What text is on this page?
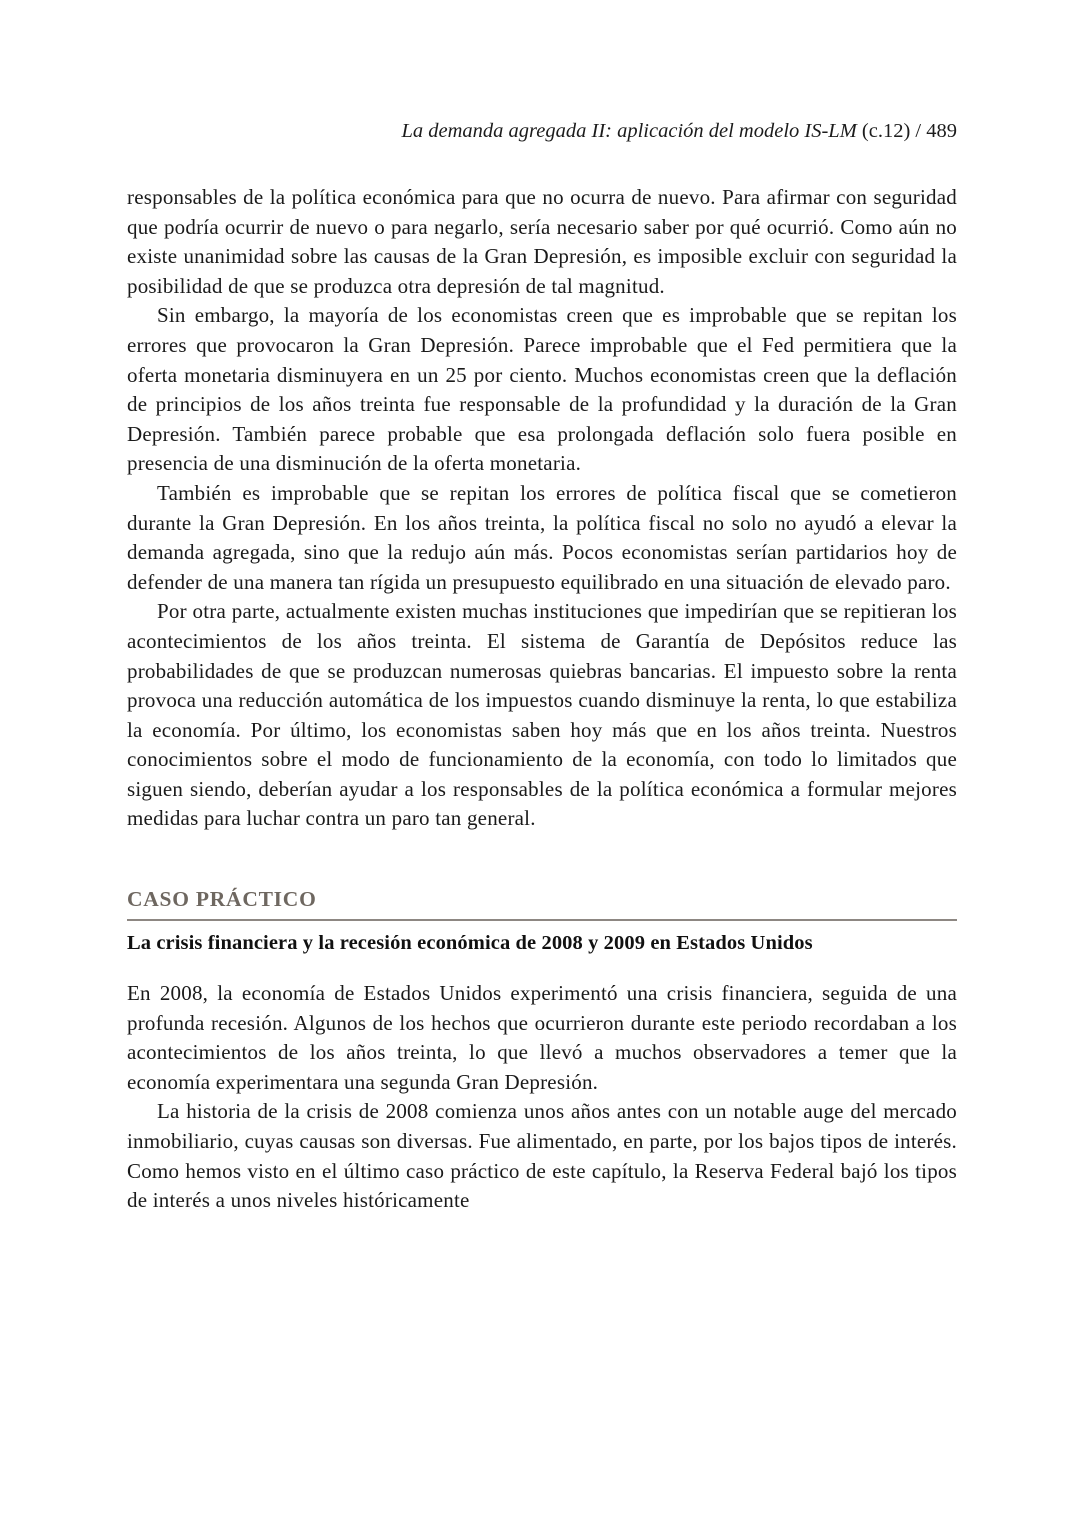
La demanda agregada II: aplicación del modelo IS-LM (c.12) / 489

responsables de la política económica para que no ocurra de nuevo. Para afirmar con seguridad que podría ocurrir de nuevo o para negarlo, sería necesario saber por qué ocurrió. Como aún no existe unanimidad sobre las causas de la Gran Depresión, es imposible excluir con seguridad la posibilidad de que se produzca otra depresión de tal magnitud.

Sin embargo, la mayoría de los economistas creen que es improbable que se repitan los errores que provocaron la Gran Depresión. Parece improbable que el Fed permitiera que la oferta monetaria disminuyera en un 25 por ciento. Muchos economistas creen que la deflación de principios de los años treinta fue responsable de la profundidad y la duración de la Gran Depresión. También parece probable que esa prolongada deflación solo fuera posible en presencia de una disminución de la oferta monetaria.

También es improbable que se repitan los errores de política fiscal que se cometieron durante la Gran Depresión. En los años treinta, la política fiscal no solo no ayudó a elevar la demanda agregada, sino que la redujo aún más. Pocos economistas serían partidarios hoy de defender de una manera tan rígida un presupuesto equilibrado en una situación de elevado paro.

Por otra parte, actualmente existen muchas instituciones que impedirían que se repitieran los acontecimientos de los años treinta. El sistema de Garantía de Depósitos reduce las probabilidades de que se produzcan numerosas quiebras bancarias. El impuesto sobre la renta provoca una reducción automática de los impuestos cuando disminuye la renta, lo que estabiliza la economía. Por último, los economistas saben hoy más que en los años treinta. Nuestros conocimientos sobre el modo de funcionamiento de la economía, con todo lo limitados que siguen siendo, deberían ayudar a los responsables de la política económica a formular mejores medidas para luchar contra un paro tan general.

CASO PRÁCTICO
La crisis financiera y la recesión económica de 2008 y 2009 en Estados Unidos

En 2008, la economía de Estados Unidos experimentó una crisis financiera, seguida de una profunda recesión. Algunos de los hechos que ocurrieron durante este periodo recordaban a los acontecimientos de los años treinta, lo que llevó a muchos observadores a temer que la economía experimentara una segunda Gran Depresión.

La historia de la crisis de 2008 comienza unos años antes con un notable auge del mercado inmobiliario, cuyas causas son diversas. Fue alimentado, en parte, por los bajos tipos de interés. Como hemos visto en el último caso práctico de este capítulo, la Reserva Federal bajó los tipos de interés a unos niveles históricamente
